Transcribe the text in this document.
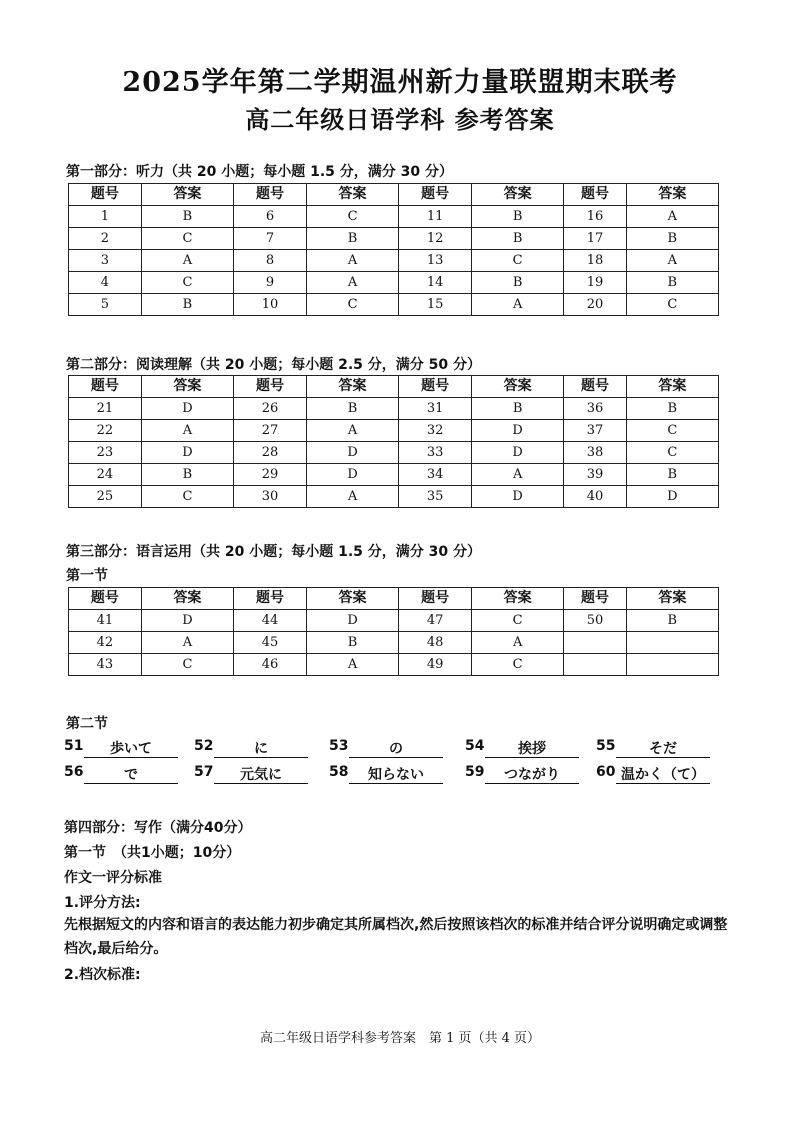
2025学年第二学期温州新力量联盟期末联考
高二年级日语学科 参考答案
第一部分：听力（共 20 小题；每小题 1.5 分，满分 30 分）
题号	答案	题号	答案	题号	答案	题号	答案
1	B	6	C	11	B	16	A
2	C	7	B	12	B	17	B
3	A	8	A	13	C	18	A
4	C	9	A	14	B	19	B
5	B	10	C	15	A	20	C
第二部分：阅读理解（共 20 小题；每小题 2.5 分，满分 50 分）
题号	答案	题号	答案	题号	答案	题号	答案
21	D	26	B	31	B	36	B
22	A	27	A	32	D	37	C
23	D	28	D	33	D	38	C
24	B	29	D	34	A	39	B
25	C	30	A	35	D	40	D
第三部分：语言运用（共 20 小题；每小题 1.5 分，满分 30 分）
第一节
题号	答案	题号	答案	题号	答案	题号	答案
41	D	44	D	47	C	50	B
42	A	45	B	48	A		
43	C	46	A	49	C		
第二节
51	歩いて	52	に	53	の	54	挨拶	55	そだ
56	で	57	元気に	58	知らない	59	つながり	60 温かく（て）
第四部分：写作（满分40分）
第一节　（共1小题；10分）
作文一评分标准
1.评分方法:
先根据短文的内容和语言的表达能力初步确定其所属档次,然后按照该档次的标准并结合评分说明确定或调整档次,最后给分。
2.档次标准:
高二年级日语学科参考答案　第 1 页（共 4 页）
